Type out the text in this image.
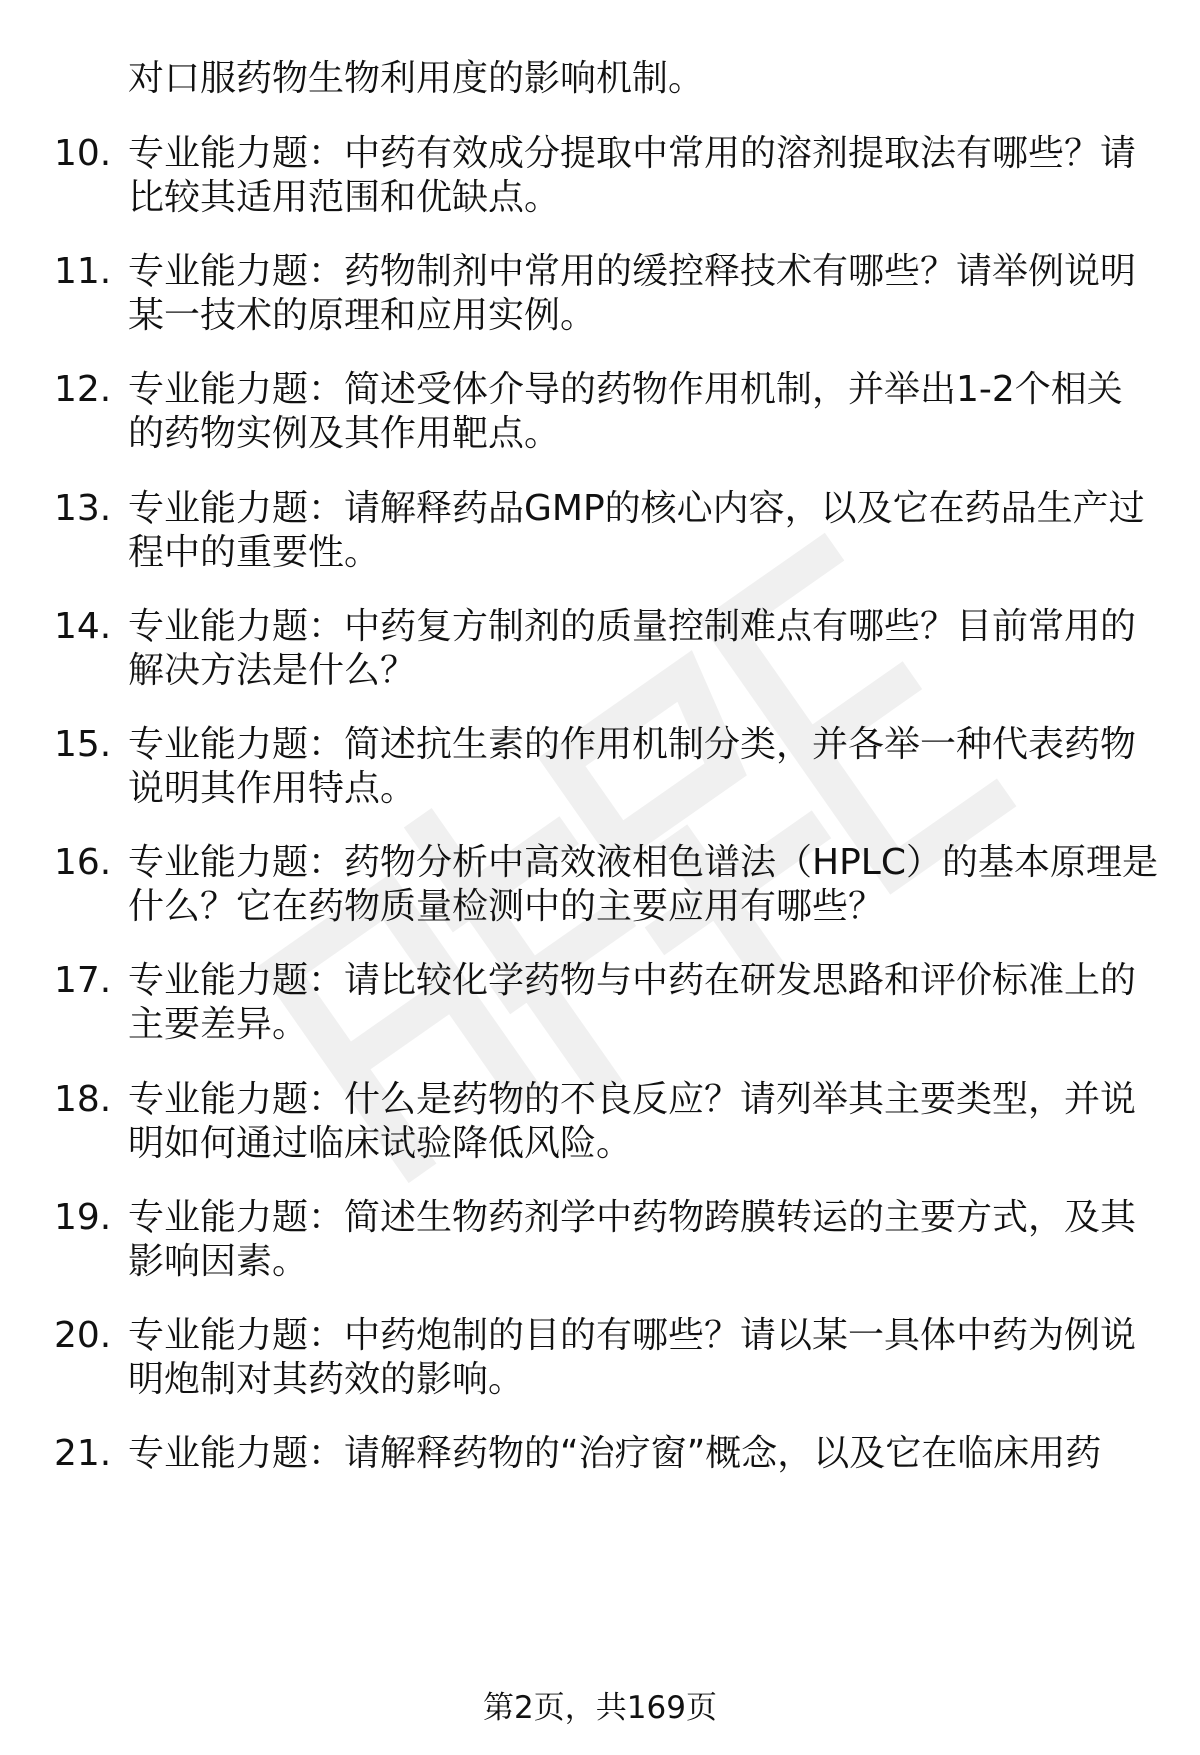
对口服药物生物利用度的影响机制。
10. 专业能力题：中药有效成分提取中常用的溶剂提取法有哪些？请
比较其适用范围和优缺点。
11. 专业能力题：药物制剂中常用的缓控释技术有哪些？请举例说明
某一技术的原理和应用实例。
12. 专业能力题：简述受体介导的药物作用机制，并举出1-2个相关
的药物实例及其作用靶点。
13. 专业能力题：请解释药品GMP的核心内容，以及它在药品生产过
程中的重要性。
14. 专业能力题：中药复方制剂的质量控制难点有哪些？目前常用的
解决方法是什么？
15. 专业能力题：简述抗生素的作用机制分类，并各举一种代表药物
说明其作用特点。
16. 专业能力题：药物分析中高效液相色谱法（HPLC）的基本原理是
什么？它在药物质量检测中的主要应用有哪些？
17. 专业能力题：请比较化学药物与中药在研发思路和评价标准上的
主要差异。
18. 专业能力题：什么是药物的不良反应？请列举其主要类型，并说
明如何通过临床试验降低风险。
19. 专业能力题：简述生物药剂学中药物跨膜转运的主要方式，及其
影响因素。
20. 专业能力题：中药炮制的目的有哪些？请以某一具体中药为例说
明炮制对其药效的影响。
21. 专业能力题：请解释药物的“治疗窗”概念，以及它在临床用药
第2页，共169页
